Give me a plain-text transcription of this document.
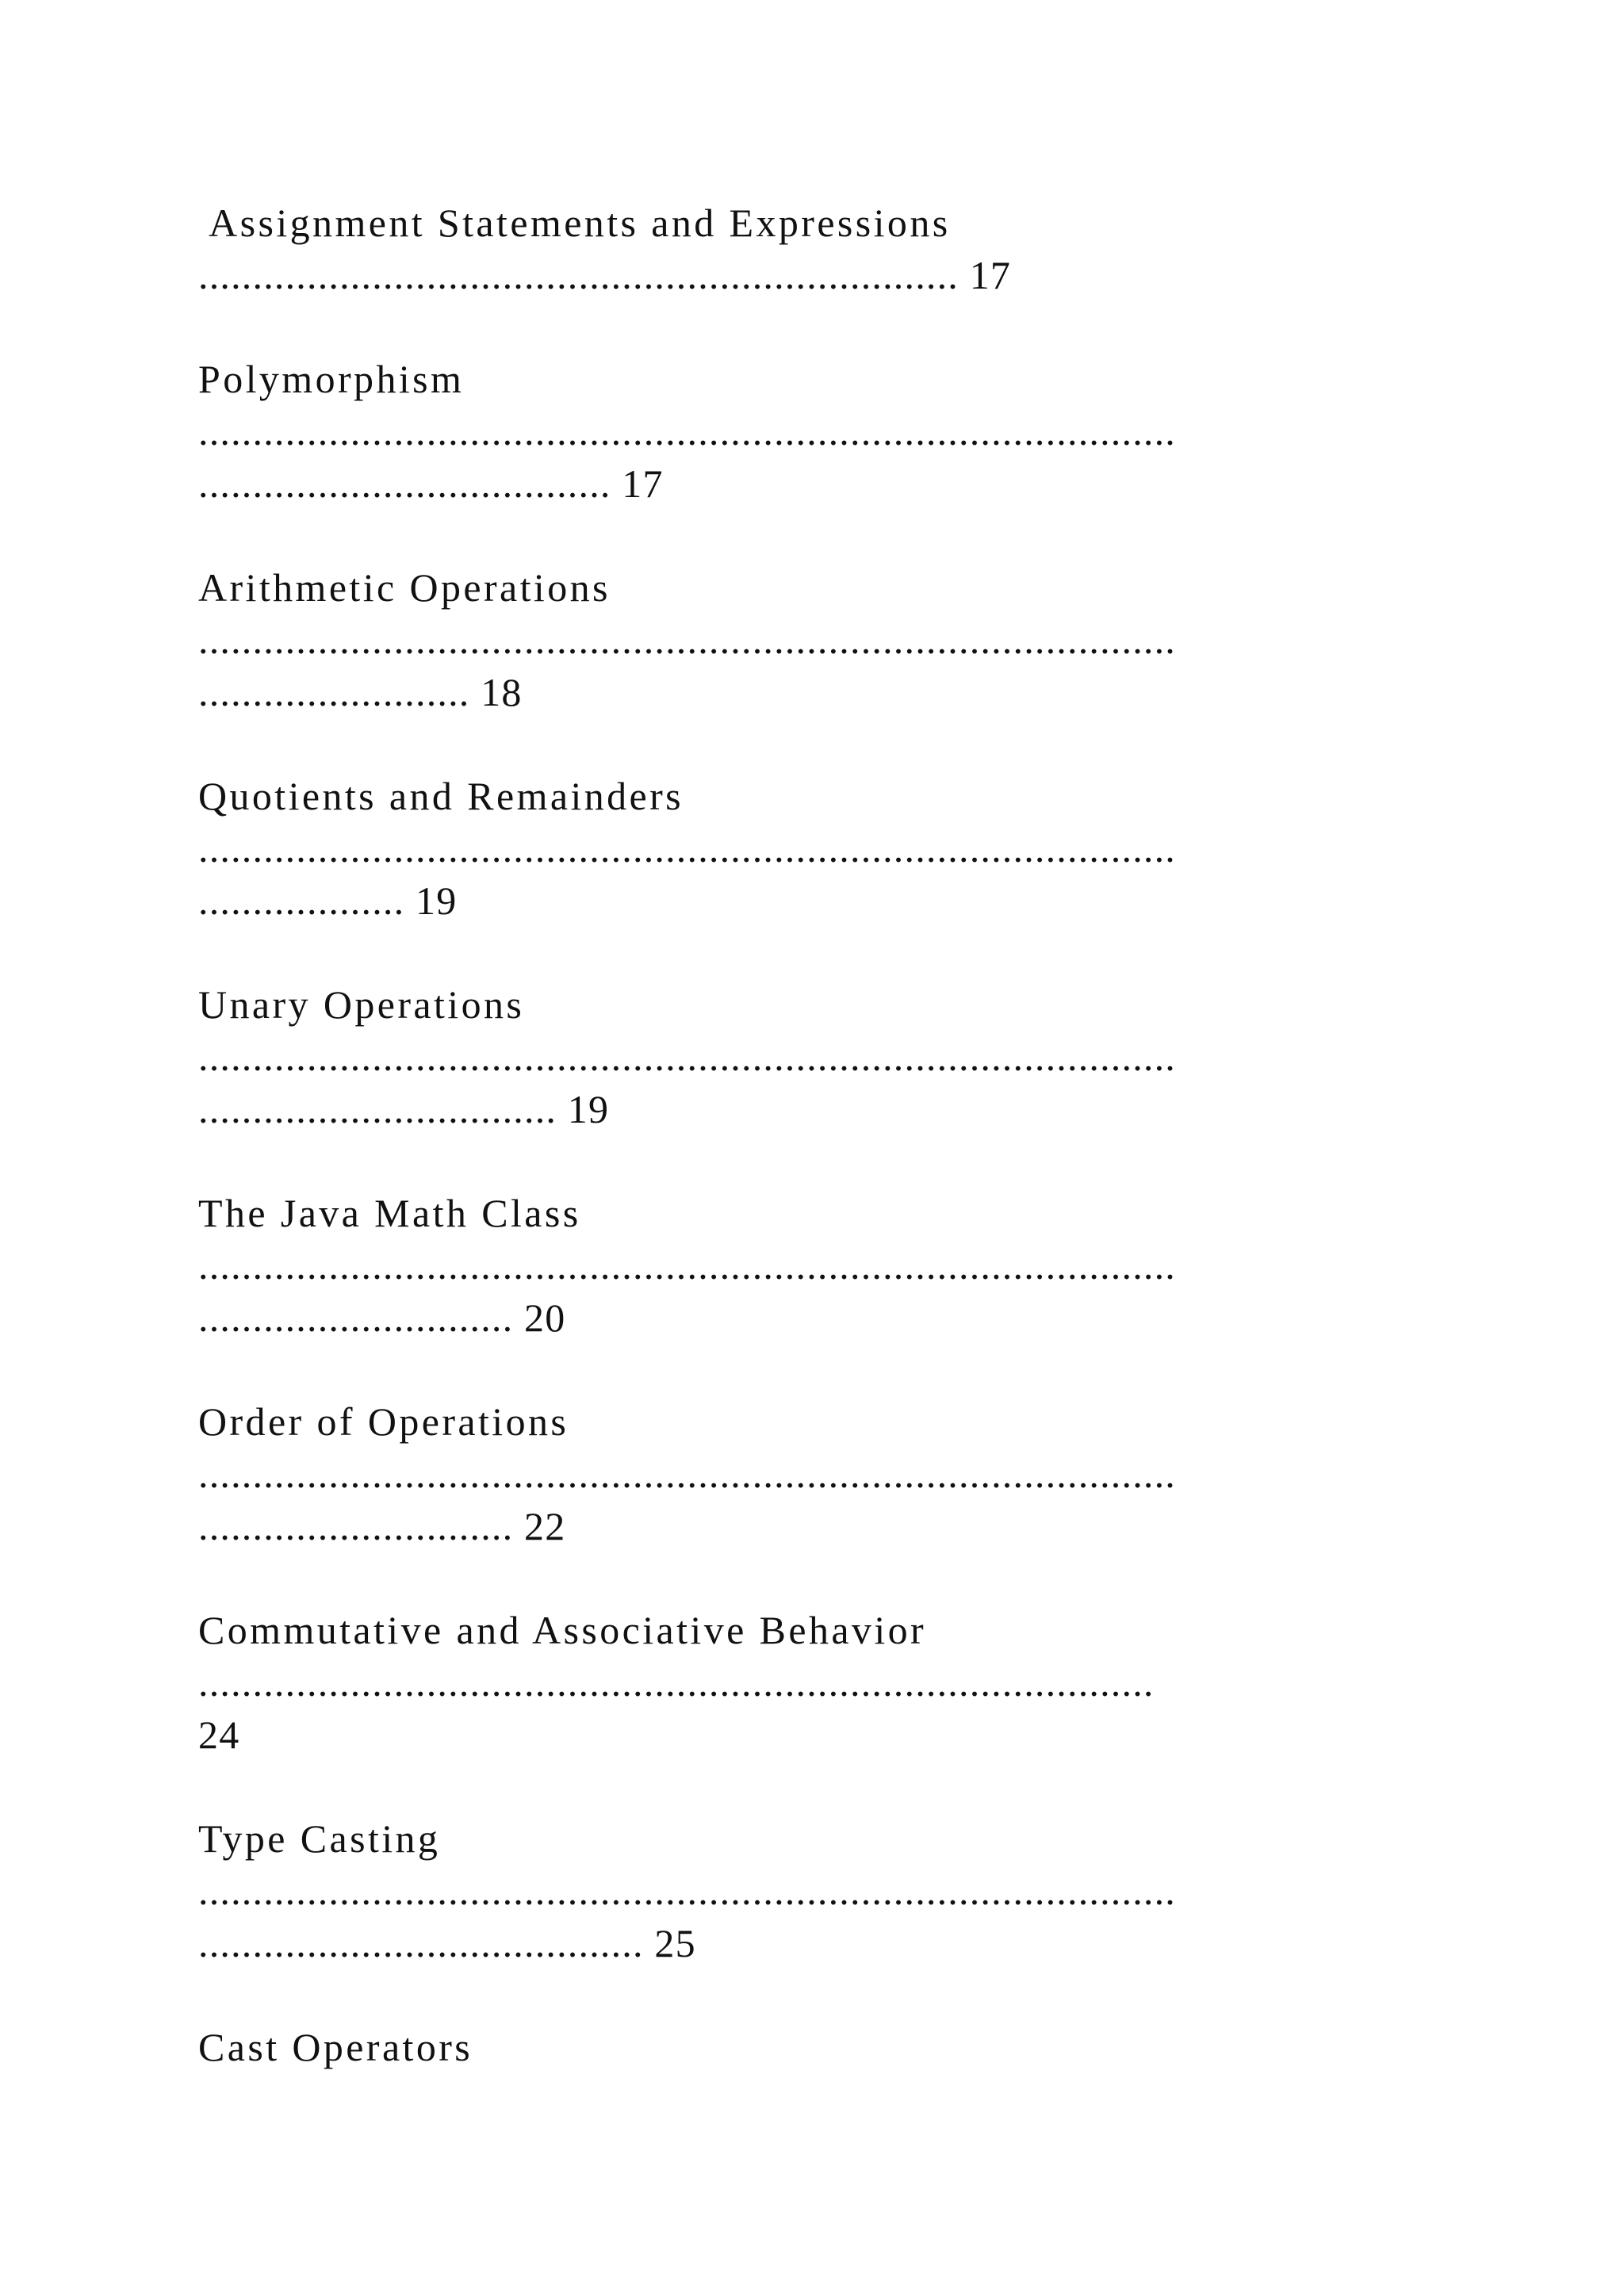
Assignment Statements and Expressions
...................................................................... 17
Polymorphism
..........................................................................................
...................................... 17
Arithmetic Operations
..........................................................................................
......................... 18
Quotients and Remainders
..........................................................................................
................... 19
Unary Operations
..........................................................................................
................................. 19
The Java Math Class
..........................................................................................
............................. 20
Order of Operations
..........................................................................................
............................. 22
Commutative and Associative Behavior
........................................................................................
24
Type Casting
..........................................................................................
......................................... 25
Cast Operators
